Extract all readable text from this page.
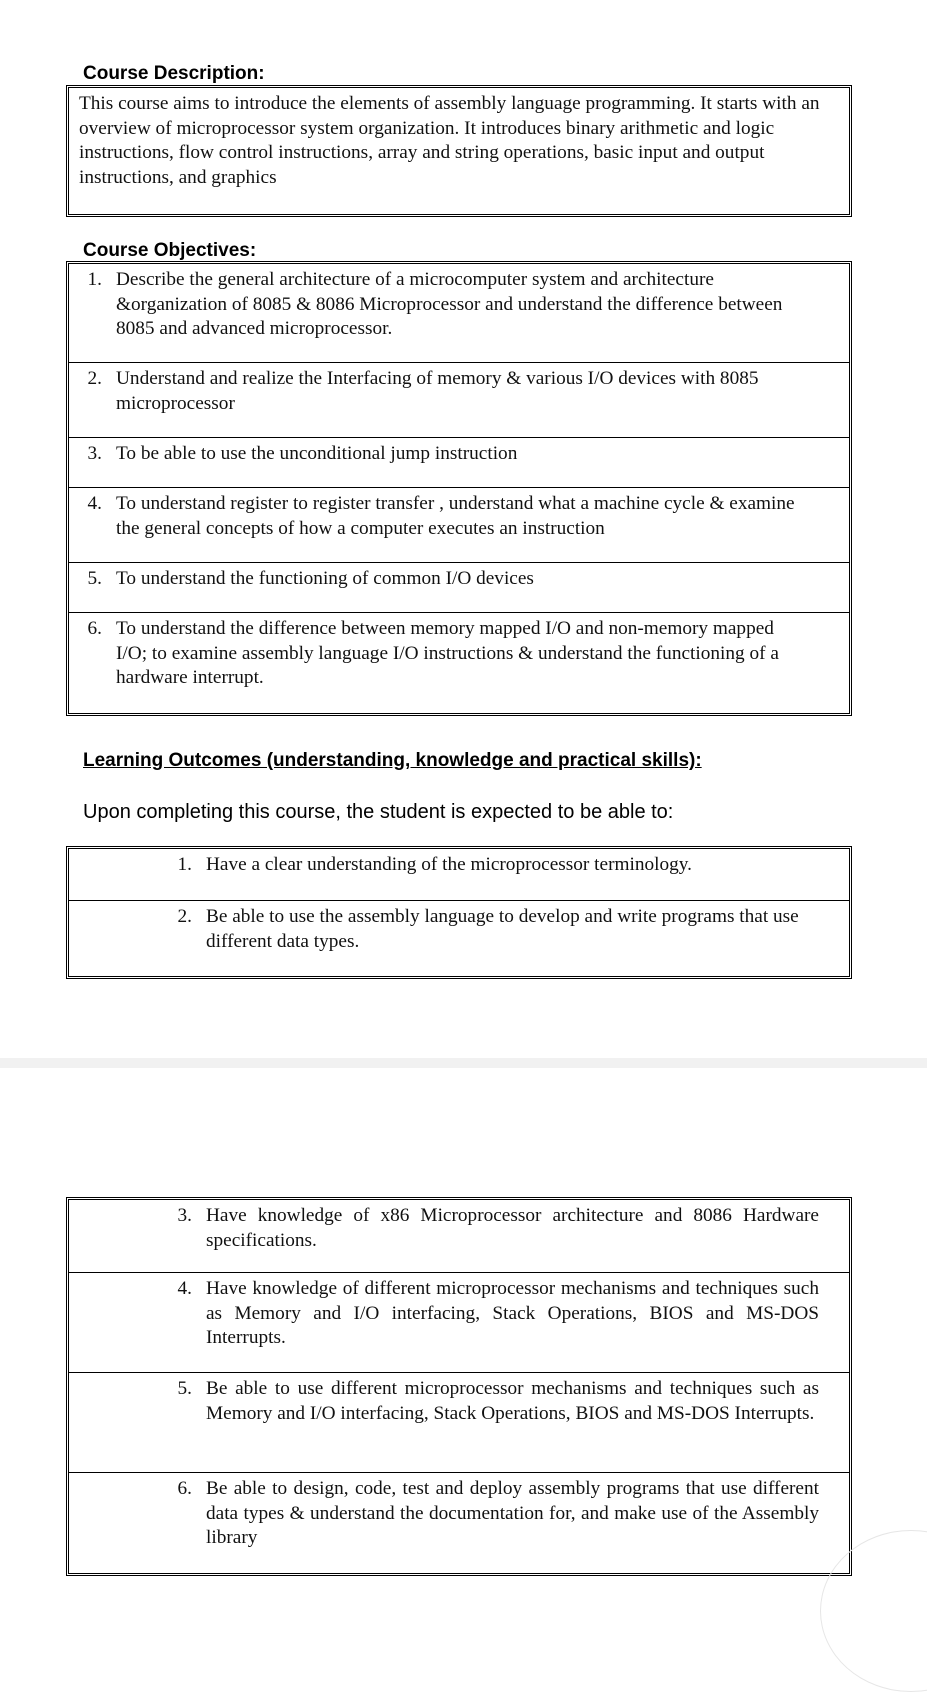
Course Description:
This course aims to introduce the elements of assembly language programming. It starts with an overview of microprocessor system organization. It introduces binary arithmetic and logic instructions, flow control instructions, array and string operations, basic input and output instructions, and graphics
Course Objectives:
1. Describe the general architecture of a microcomputer system and architecture &organization of 8085 & 8086 Microprocessor and understand the difference between 8085 and advanced microprocessor.
2. Understand and realize the Interfacing of memory & various I/O devices with 8085 microprocessor
3. To be able to use the unconditional jump instruction
4. To understand register to register transfer , understand what a machine cycle & examine the general concepts of how a computer executes an instruction
5. To understand the functioning of common I/O devices
6. To understand the difference between memory mapped I/O and non-memory mapped I/O; to examine assembly language I/O instructions & understand the functioning of a hardware interrupt.
Learning Outcomes (understanding, knowledge and practical skills):
Upon completing this course, the student is expected to be able to:
1. Have a clear understanding of the microprocessor terminology.
2. Be able to use the assembly language to develop and write programs that use different data types.
3. Have knowledge of x86 Microprocessor architecture and 8086 Hardware specifications.
4. Have knowledge of different microprocessor mechanisms and techniques such as Memory and I/O interfacing, Stack Operations, BIOS and MS-DOS Interrupts.
5. Be able to use different microprocessor mechanisms and techniques such as Memory and I/O interfacing, Stack Operations, BIOS and MS-DOS Interrupts.
6. Be able to design, code, test and deploy assembly programs that use different data types & understand the documentation for, and make use of the Assembly library
